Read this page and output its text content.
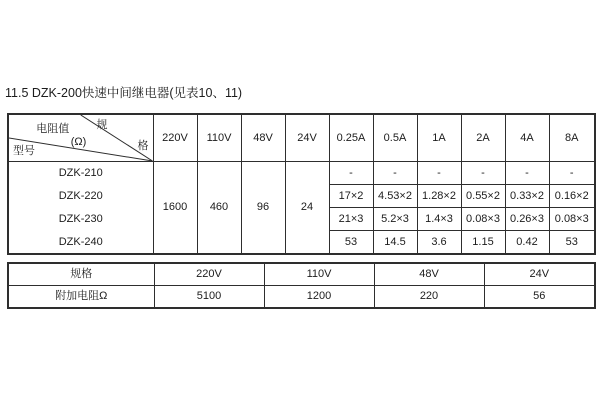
11.5 DZK-200快速中间继电器(见表10、11)
规
格
电阻值
(Ω)
型号	220V	110V	48V	24V	0.25A	0.5A	1A	2A	4A	8A
DZK-210	1600	460	96	24	-	-	-	-	-	-
DZK-220					17×2	4.53×2	1.28×2	0.55×2	0.33×2	0.16×2
DZK-230					21×3	5.2×3	1.4×3	0.08×3	0.26×3	0.08×3
DZK-240					53	14.5	3.6	1.15	0.42	53
规格	220V	110V	48V	24V
附加电阻Ω	5100	1200	220	56
